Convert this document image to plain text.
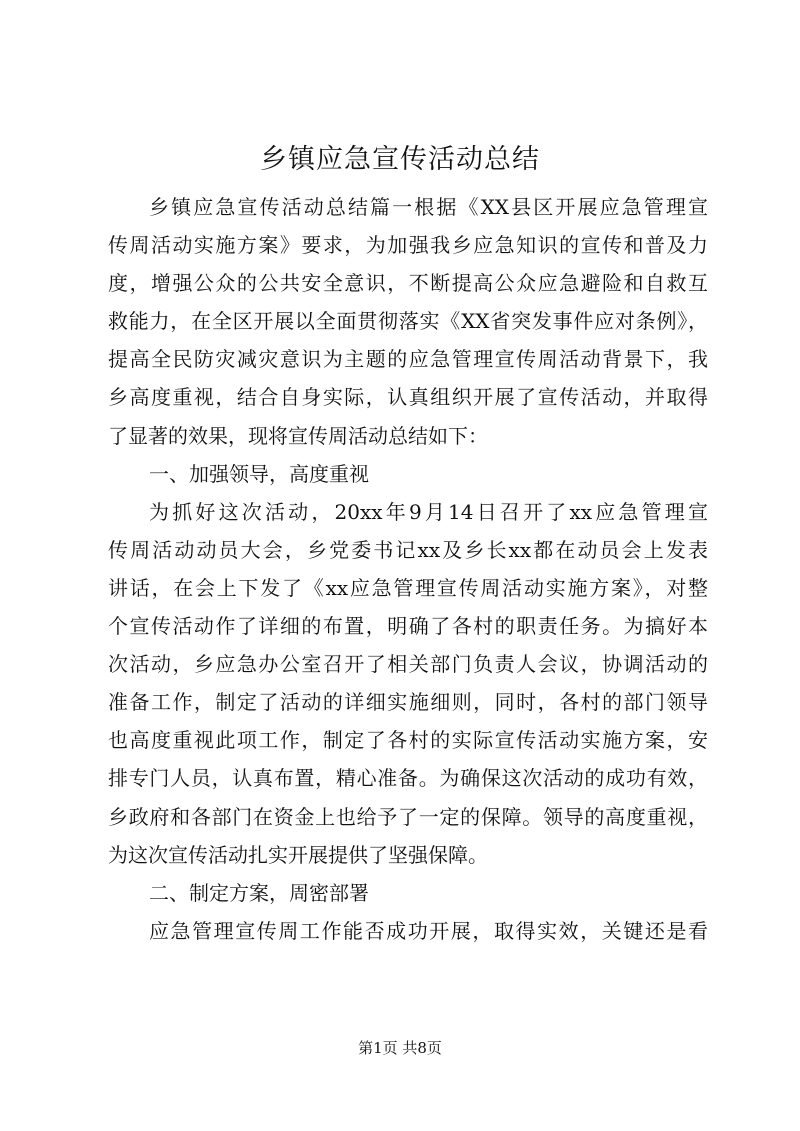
乡镇应急宣传活动总结
乡镇应急宣传活动总结篇一根据《XX县区开展应急管理宣
传周活动实施方案》要求，为加强我乡应急知识的宣传和普及力
度，增强公众的公共安全意识，不断提高公众应急避险和自救互
救能力，在全区开展以全面贯彻落实《XX省突发事件应对条例》，
提高全民防灾减灾意识为主题的应急管理宣传周活动背景下，我
乡高度重视，结合自身实际，认真组织开展了宣传活动，并取得
了显著的效果，现将宣传周活动总结如下：
一、加强领导，高度重视
为抓好这次活动，20xx年9月14日召开了xx应急管理宣
传周活动动员大会，乡党委书记xx及乡长xx都在动员会上发表
讲话，在会上下发了《xx应急管理宣传周活动实施方案》，对整
个宣传活动作了详细的布置，明确了各村的职责任务。为搞好本
次活动，乡应急办公室召开了相关部门负责人会议，协调活动的
准备工作，制定了活动的详细实施细则，同时，各村的部门领导
也高度重视此项工作，制定了各村的实际宣传活动实施方案，安
排专门人员，认真布置，精心准备。为确保这次活动的成功有效，
乡政府和各部门在资金上也给予了一定的保障。领导的高度重视，
为这次宣传活动扎实开展提供了坚强保障。
二、制定方案，周密部署
应急管理宣传周工作能否成功开展，取得实效，关键还是看
第1页 共8页
